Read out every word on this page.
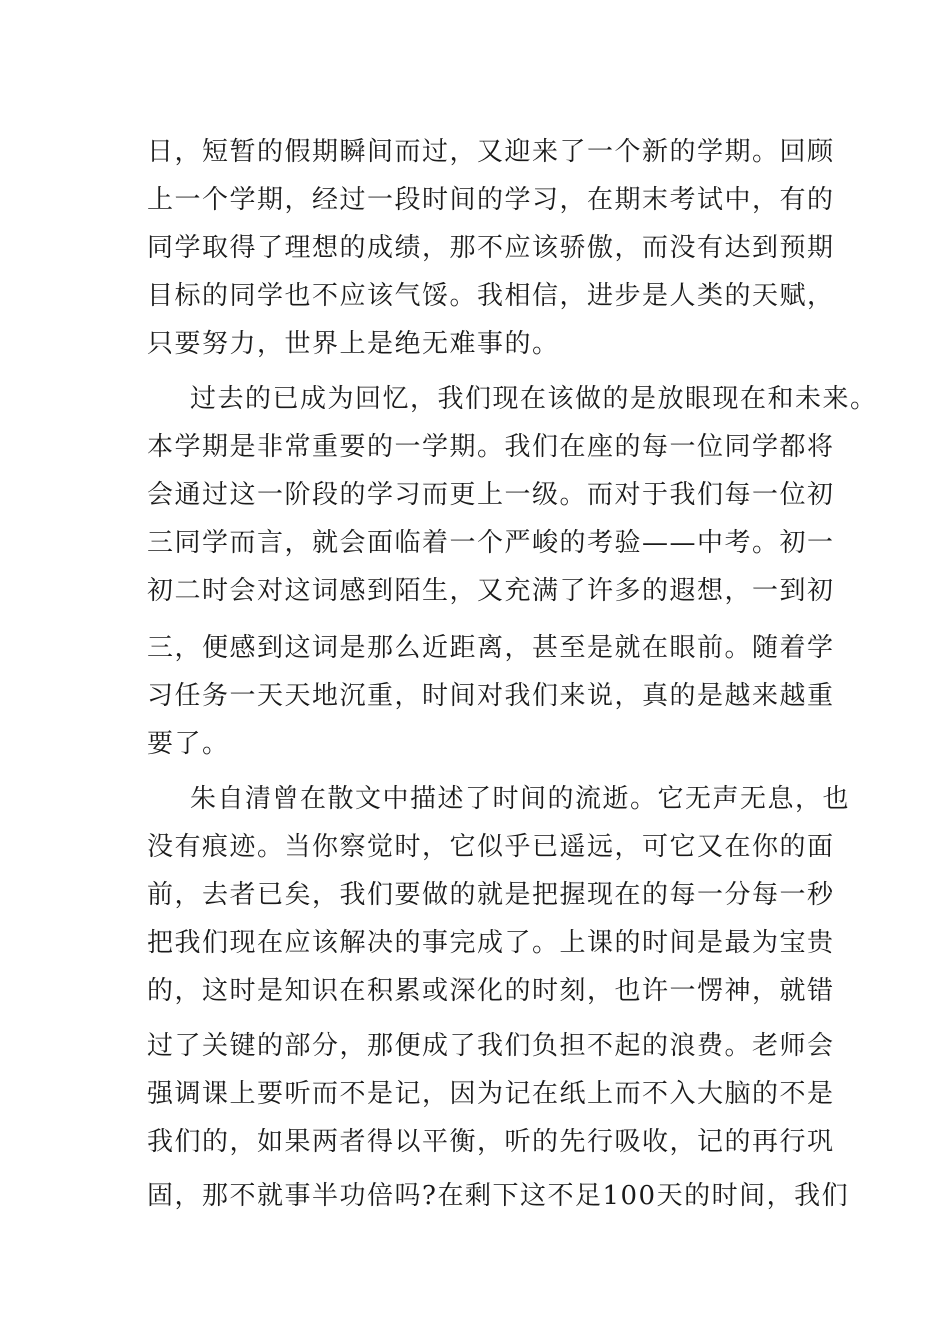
日，短暂的假期瞬间而过，又迎来了一个新的学期。回顾
上一个学期，经过一段时间的学习，在期末考试中，有的
同学取得了理想的成绩，那不应该骄傲，而没有达到预期
目标的同学也不应该气馁。我相信，进步是人类的天赋，
只要努力，世界上是绝无难事的。
过去的已成为回忆，我们现在该做的是放眼现在和未来。
本学期是非常重要的一学期。我们在座的每一位同学都将
会通过这一阶段的学习而更上一级。而对于我们每一位初
三同学而言，就会面临着一个严峻的考验——中考。初一
初二时会对这词感到陌生，又充满了许多的遐想，一到初
三，便感到这词是那么近距离，甚至是就在眼前。随着学
习任务一天天地沉重，时间对我们来说，真的是越来越重
要了。
朱自清曾在散文中描述了时间的流逝。它无声无息，也
没有痕迹。当你察觉时，它似乎已遥远，可它又在你的面
前，去者已矣，我们要做的就是把握现在的每一分每一秒
把我们现在应该解决的事完成了。上课的时间是最为宝贵
的，这时是知识在积累或深化的时刻，也许一愣神，就错
过了关键的部分，那便成了我们负担不起的浪费。老师会
强调课上要听而不是记，因为记在纸上而不入大脑的不是
我们的，如果两者得以平衡，听的先行吸收，记的再行巩
固，那不就事半功倍吗?在剩下这不足100天的时间，我们
